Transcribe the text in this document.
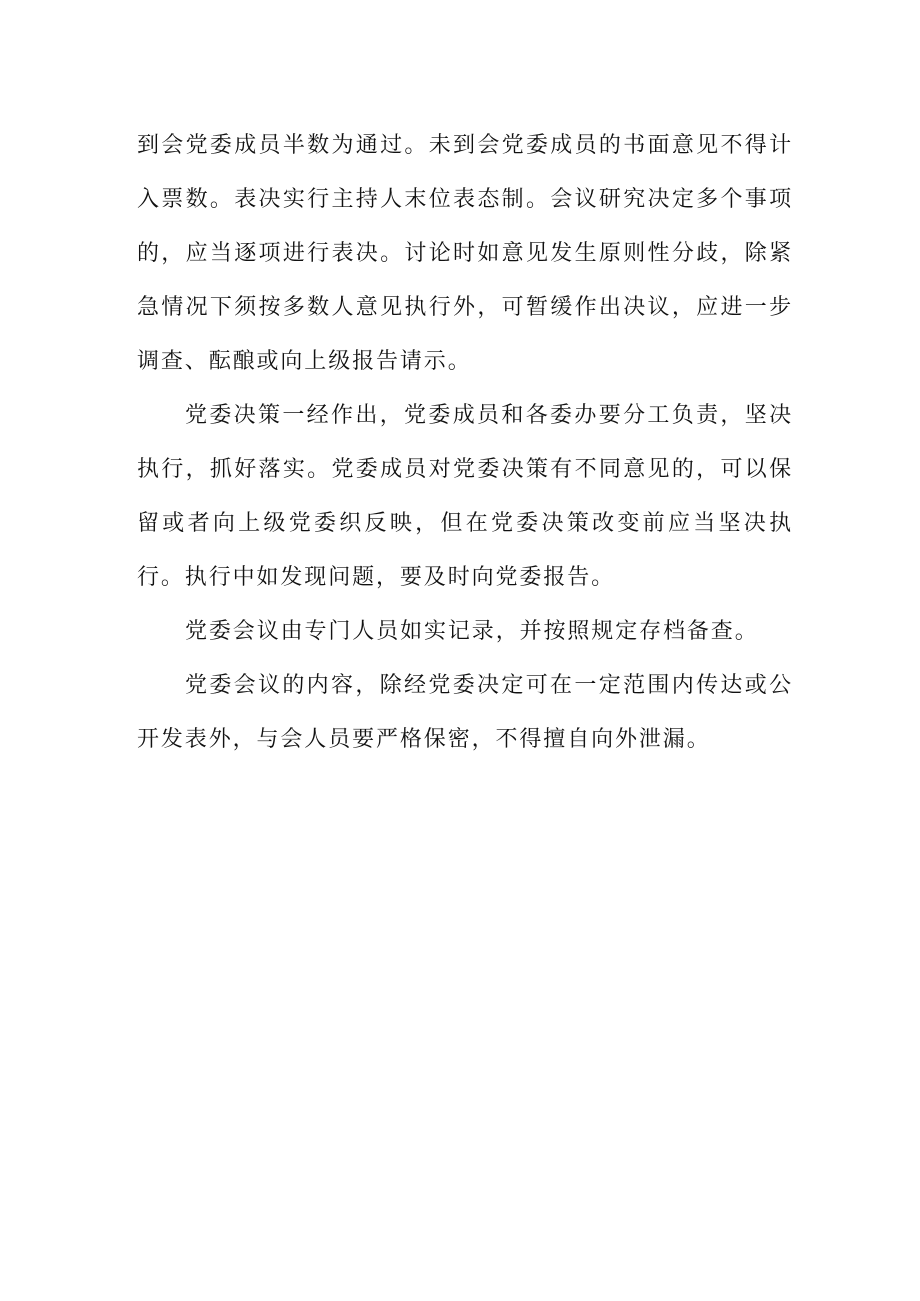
到会党委成员半数为通过。未到会党委成员的书面意见不得计入票数。表决实行主持人末位表态制。会议研究决定多个事项的，应当逐项进行表决。讨论时如意见发生原则性分歧，除紧急情况下须按多数人意见执行外，可暂缓作出决议，应进一步调查、酝酿或向上级报告请示。

党委决策一经作出，党委成员和各委办要分工负责，坚决执行，抓好落实。党委成员对党委决策有不同意见的，可以保留或者向上级党委织反映，但在党委决策改变前应当坚决执行。执行中如发现问题，要及时向党委报告。

党委会议由专门人员如实记录，并按照规定存档备查。

党委会议的内容，除经党委决定可在一定范围内传达或公开发表外，与会人员要严格保密，不得擅自向外泄漏。
